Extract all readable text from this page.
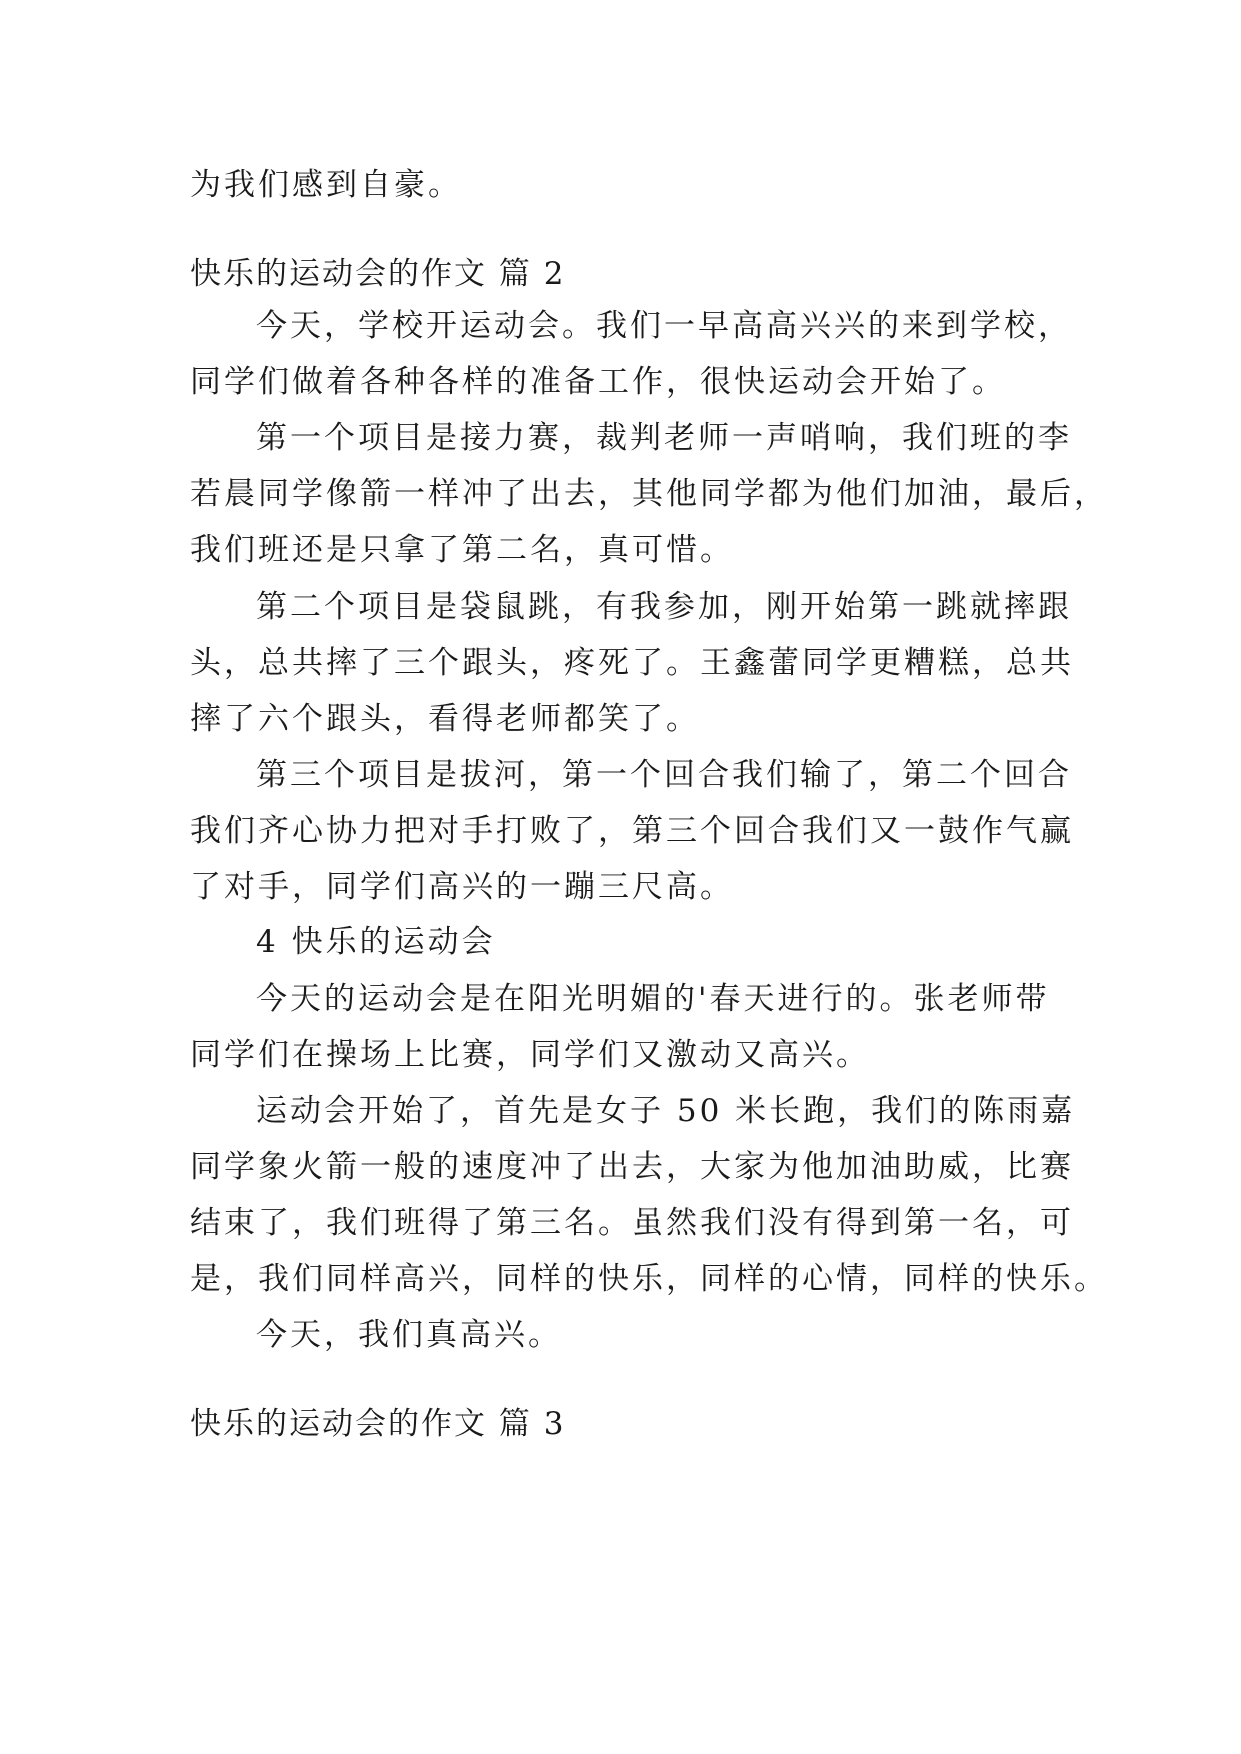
为我们感到自豪。
快乐的运动会的作文 篇 2
今天，学校开运动会。我们一早高高兴兴的来到学校，
同学们做着各种各样的准备工作，很快运动会开始了。
第一个项目是接力赛，裁判老师一声哨响，我们班的李
若晨同学像箭一样冲了出去，其他同学都为他们加油，最后，
我们班还是只拿了第二名，真可惜。
第二个项目是袋鼠跳，有我参加，刚开始第一跳就摔跟
头，总共摔了三个跟头，疼死了。王鑫蕾同学更糟糕，总共
摔了六个跟头，看得老师都笑了。
第三个项目是拔河，第一个回合我们输了，第二个回合
我们齐心协力把对手打败了，第三个回合我们又一鼓作气赢
了对手，同学们高兴的一蹦三尺高。
4 快乐的运动会
今天的运动会是在阳光明媚的'春天进行的。张老师带
同学们在操场上比赛，同学们又激动又高兴。
运动会开始了，首先是女子 50 米长跑，我们的陈雨嘉
同学象火箭一般的速度冲了出去，大家为他加油助威，比赛
结束了，我们班得了第三名。虽然我们没有得到第一名，可
是，我们同样高兴，同样的快乐，同样的心情，同样的快乐。
今天，我们真高兴。
快乐的运动会的作文 篇 3
